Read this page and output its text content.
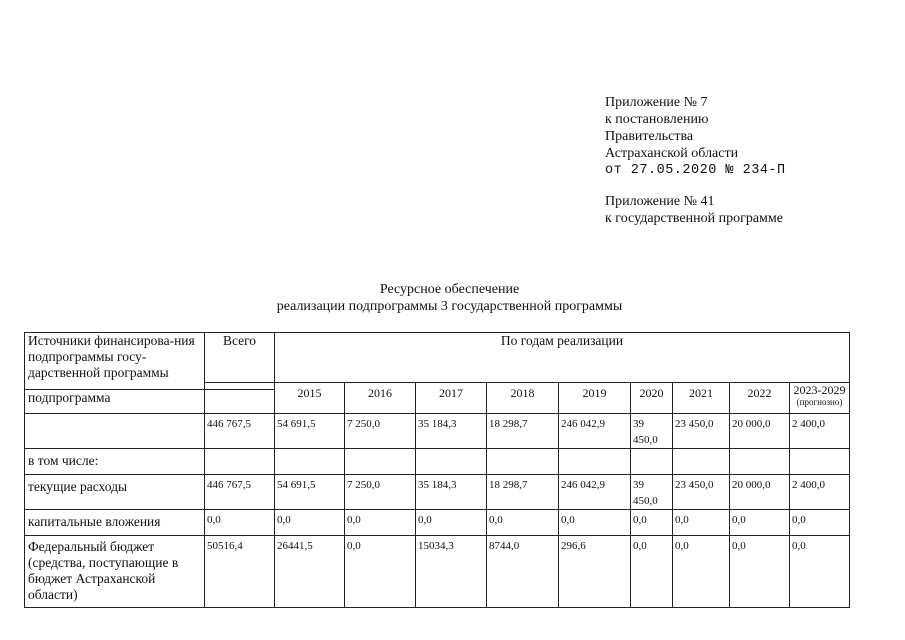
Приложение № 7
к постановлению
Правительства
Астраханской области
от 27.05.2020 № 234-П
Приложение № 41
к государственной программе
Ресурсное обеспечение
реализации подпрограммы 3 государственной программы
Источники финансирова-ния подпрограммы госу-дарственной программы	Всего	По годам реализации								
		2015	2016	2017	2018	2019	2020	2021	2022	2023-2029
(прогнозно)

подпрограмма										
	446 767,5	54 691,5	7 250,0	35 184,3	18 298,7	246 042,9	39 450,0	23 450,0	20 000,0	2 400,0
в том числе:										
текущие расходы	446 767,5	54 691,5	7 250,0	35 184,3	18 298,7	246 042,9	39 450,0	23 450,0	20 000,0	2 400,0
капитальные вложения	0,0	0,0	0,0	0,0	0,0	0,0	0,0	0,0	0,0	0,0
Федеральный бюджет (средства, поступающие в бюджет Астраханской области)	50516,4	26441,5	0,0	15034,3	8744,0	296,6	0,0	0,0	0,0	0,0
